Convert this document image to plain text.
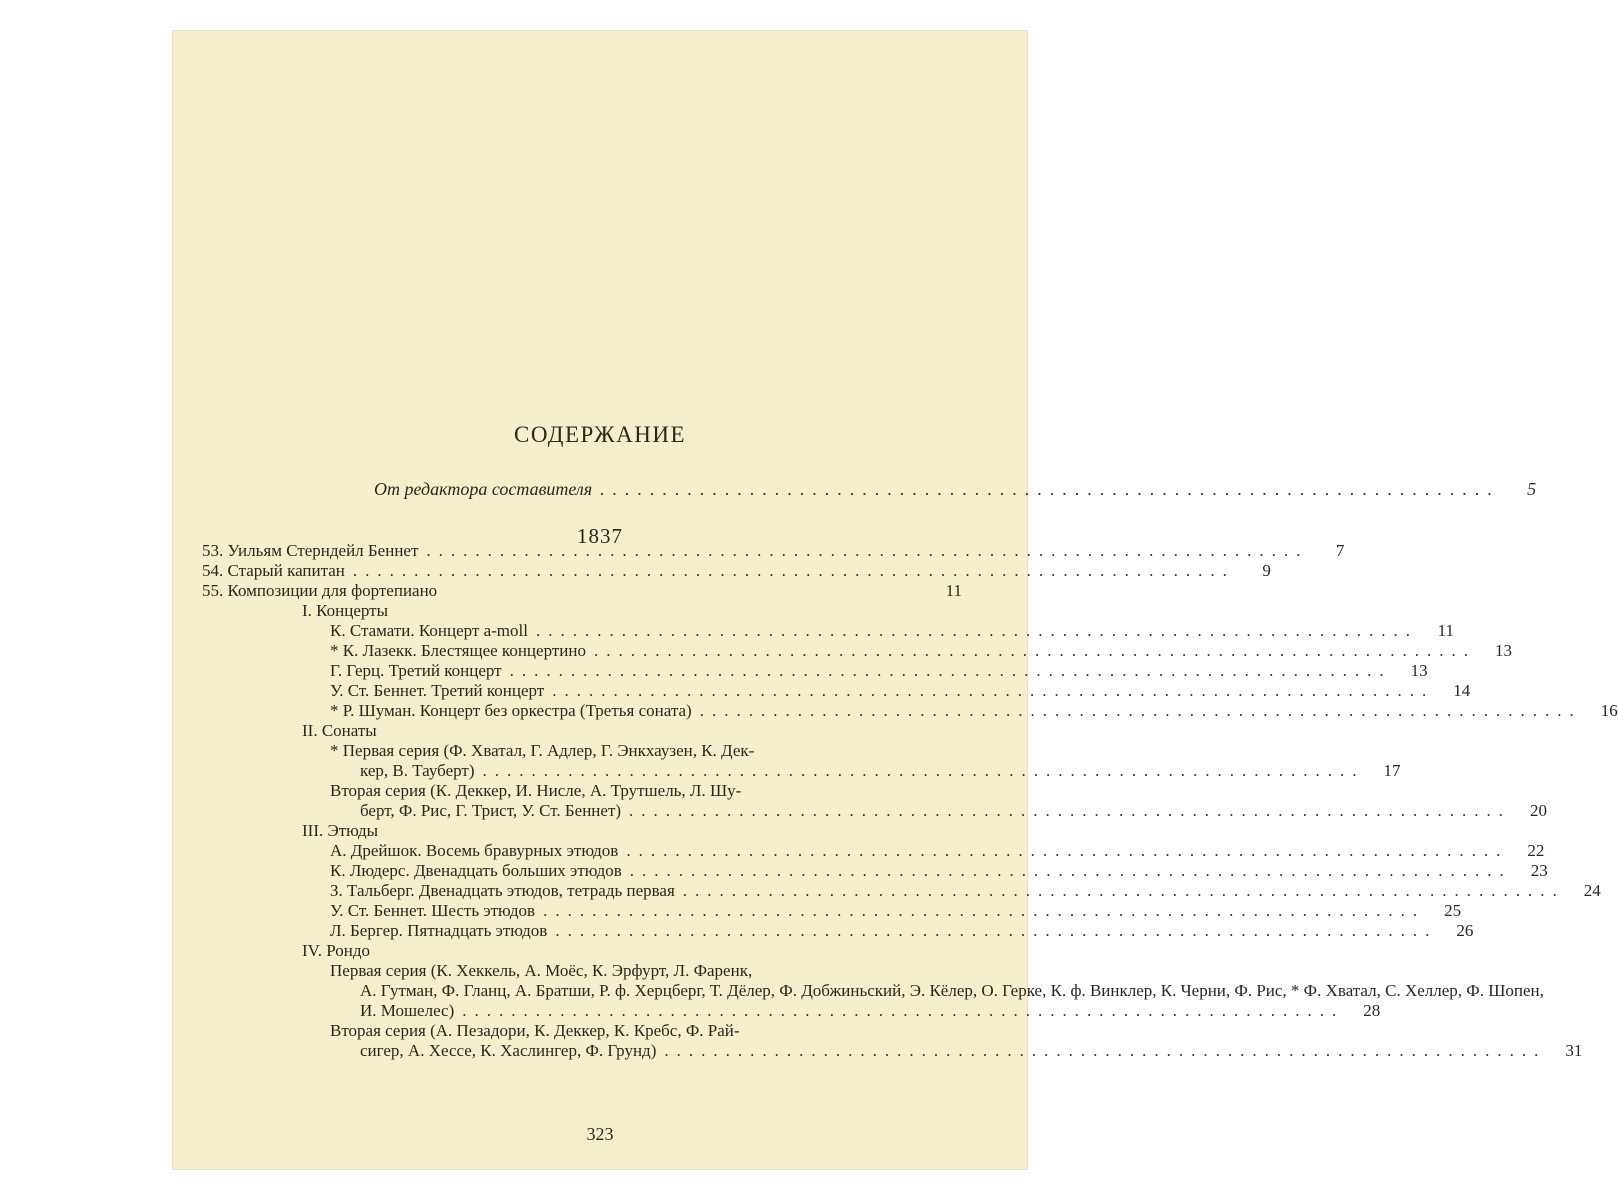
СОДЕРЖАНИЕ
От редактора составителя ........................................................................	5
1837
53. Уильям Стерндейл Беннет ........................................................................	7
54. Старый капитан ........................................................................	9
55. Композиции для фортепиано	11
I. Концерты
К. Стамати. Концерт a-moll ........................................................................	11
* К. Лазекк. Блестящее концертино ........................................................................	13
Г. Герц. Третий концерт ........................................................................	13
У. Ст. Беннет. Третий концерт ........................................................................	14
* Р. Шуман. Концерт без оркестра (Третья соната) ........................................................................	16
II. Сонаты
* Первая серия (Ф. Хватал, Г. Адлер, Г. Энкхаузен, К. Дек-
кер, В. Тауберт) ........................................................................	17
Вторая серия (К. Деккер, И. Нисле, А. Трутшель, Л. Шу-
берт, Ф. Рис, Г. Трист, У. Ст. Беннет) ........................................................................	20
III. Этюды
А. Дрейшок. Восемь бравурных этюдов ........................................................................	22
К. Людерс. Двенадцать больших этюдов ........................................................................	23
З. Тальберг. Двенадцать этюдов, тетрадь первая ........................................................................	24
У. Ст. Беннет. Шесть этюдов ........................................................................	25
Л. Бергер. Пятнадцать этюдов ........................................................................	26
IV. Рондо
Первая серия (К. Хеккель, А. Моёс, К. Эрфурт, Л. Фаренк,
А. Гутман, Ф. Гланц, А. Братши, Р. ф. Херцберг, Т. Дёлер, Ф. Добжиньский, Э. Кёлер, О. Герке, К. ф. Винклер, К. Черни, Ф. Рис, * Ф. Хватал, С. Хеллер, Ф. Шопен,
И. Мошелес) ........................................................................	28
Вторая серия (А. Пезадори, К. Деккер, К. Кребс, Ф. Рай-
сигер, А. Хессе, К. Хаслингер, Ф. Грунд) ........................................................................	31
323
